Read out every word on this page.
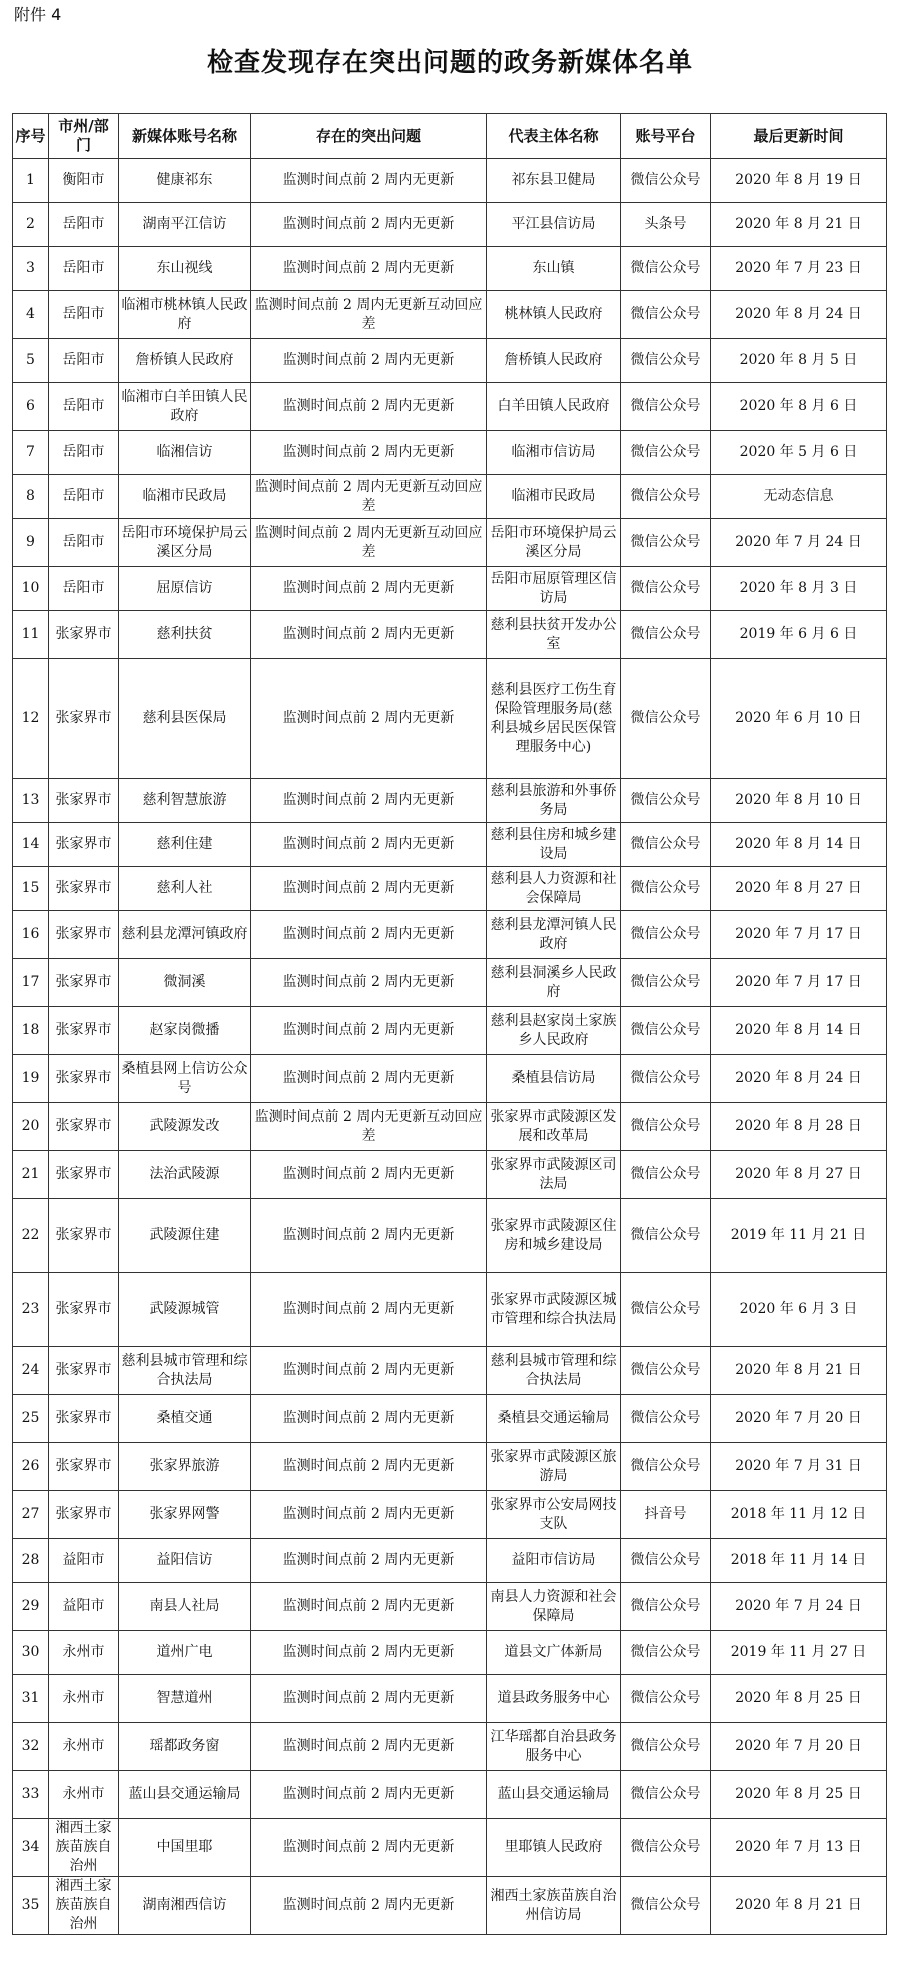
附件 4
检查发现存在突出问题的政务新媒体名单
序号	市州/部门	新媒体账号名称	存在的突出问题	代表主体名称	账号平台	最后更新时间
1	衡阳市	健康祁东	监测时间点前 2 周内无更新	祁东县卫健局	微信公众号	2020 年 8 月 19 日
2	岳阳市	湖南平江信访	监测时间点前 2 周内无更新	平江县信访局	头条号	2020 年 8 月 21 日
3	岳阳市	东山视线	监测时间点前 2 周内无更新	东山镇	微信公众号	2020 年 7 月 23 日
4	岳阳市	临湘市桃林镇人民政府	监测时间点前 2 周内无更新互动回应差	桃林镇人民政府	微信公众号	2020 年 8 月 24 日
5	岳阳市	詹桥镇人民政府	监测时间点前 2 周内无更新	詹桥镇人民政府	微信公众号	2020 年 8 月 5 日
6	岳阳市	临湘市白羊田镇人民政府	监测时间点前 2 周内无更新	白羊田镇人民政府	微信公众号	2020 年 8 月 6 日
7	岳阳市	临湘信访	监测时间点前 2 周内无更新	临湘市信访局	微信公众号	2020 年 5 月 6 日
8	岳阳市	临湘市民政局	监测时间点前 2 周内无更新互动回应差	临湘市民政局	微信公众号	无动态信息
9	岳阳市	岳阳市环境保护局云溪区分局	监测时间点前 2 周内无更新互动回应差	岳阳市环境保护局云溪区分局	微信公众号	2020 年 7 月 24 日
10	岳阳市	屈原信访	监测时间点前 2 周内无更新	岳阳市屈原管理区信访局	微信公众号	2020 年 8 月 3 日
11	张家界市	慈利扶贫	监测时间点前 2 周内无更新	慈利县扶贫开发办公室	微信公众号	2019 年 6 月 6 日
12	张家界市	慈利县医保局	监测时间点前 2 周内无更新	慈利县医疗工伤生育保险管理服务局(慈利县城乡居民医保管理服务中心)	微信公众号	2020 年 6 月 10 日
13	张家界市	慈利智慧旅游	监测时间点前 2 周内无更新	慈利县旅游和外事侨务局	微信公众号	2020 年 8 月 10 日
14	张家界市	慈利住建	监测时间点前 2 周内无更新	慈利县住房和城乡建设局	微信公众号	2020 年 8 月 14 日
15	张家界市	慈利人社	监测时间点前 2 周内无更新	慈利县人力资源和社会保障局	微信公众号	2020 年 8 月 27 日
16	张家界市	慈利县龙潭河镇政府	监测时间点前 2 周内无更新	慈利县龙潭河镇人民政府	微信公众号	2020 年 7 月 17 日
17	张家界市	微洞溪	监测时间点前 2 周内无更新	慈利县洞溪乡人民政府	微信公众号	2020 年 7 月 17 日
18	张家界市	赵家岗微播	监测时间点前 2 周内无更新	慈利县赵家岗土家族乡人民政府	微信公众号	2020 年 8 月 14 日
19	张家界市	桑植县网上信访公众号	监测时间点前 2 周内无更新	桑植县信访局	微信公众号	2020 年 8 月 24 日
20	张家界市	武陵源发改	监测时间点前 2 周内无更新互动回应差	张家界市武陵源区发展和改革局	微信公众号	2020 年 8 月 28 日
21	张家界市	法治武陵源	监测时间点前 2 周内无更新	张家界市武陵源区司法局	微信公众号	2020 年 8 月 27 日
22	张家界市	武陵源住建	监测时间点前 2 周内无更新	张家界市武陵源区住房和城乡建设局	微信公众号	2019 年 11 月 21 日
23	张家界市	武陵源城管	监测时间点前 2 周内无更新	张家界市武陵源区城市管理和综合执法局	微信公众号	2020 年 6 月 3 日
24	张家界市	慈利县城市管理和综合执法局	监测时间点前 2 周内无更新	慈利县城市管理和综合执法局	微信公众号	2020 年 8 月 21 日
25	张家界市	桑植交通	监测时间点前 2 周内无更新	桑植县交通运输局	微信公众号	2020 年 7 月 20 日
26	张家界市	张家界旅游	监测时间点前 2 周内无更新	张家界市武陵源区旅游局	微信公众号	2020 年 7 月 31 日
27	张家界市	张家界网警	监测时间点前 2 周内无更新	张家界市公安局网技支队	抖音号	2018 年 11 月 12 日
28	益阳市	益阳信访	监测时间点前 2 周内无更新	益阳市信访局	微信公众号	2018 年 11 月 14 日
29	益阳市	南县人社局	监测时间点前 2 周内无更新	南县人力资源和社会保障局	微信公众号	2020 年 7 月 24 日
30	永州市	道州广电	监测时间点前 2 周内无更新	道县文广体新局	微信公众号	2019 年 11 月 27 日
31	永州市	智慧道州	监测时间点前 2 周内无更新	道县政务服务中心	微信公众号	2020 年 8 月 25 日
32	永州市	瑶都政务窗	监测时间点前 2 周内无更新	江华瑶都自治县政务服务中心	微信公众号	2020 年 7 月 20 日
33	永州市	蓝山县交通运输局	监测时间点前 2 周内无更新	蓝山县交通运输局	微信公众号	2020 年 8 月 25 日
34	湘西土家族苗族自治州	中国里耶	监测时间点前 2 周内无更新	里耶镇人民政府	微信公众号	2020 年 7 月 13 日
35	湘西土家族苗族自治州	湖南湘西信访	监测时间点前 2 周内无更新	湘西土家族苗族自治州信访局	微信公众号	2020 年 8 月 21 日
